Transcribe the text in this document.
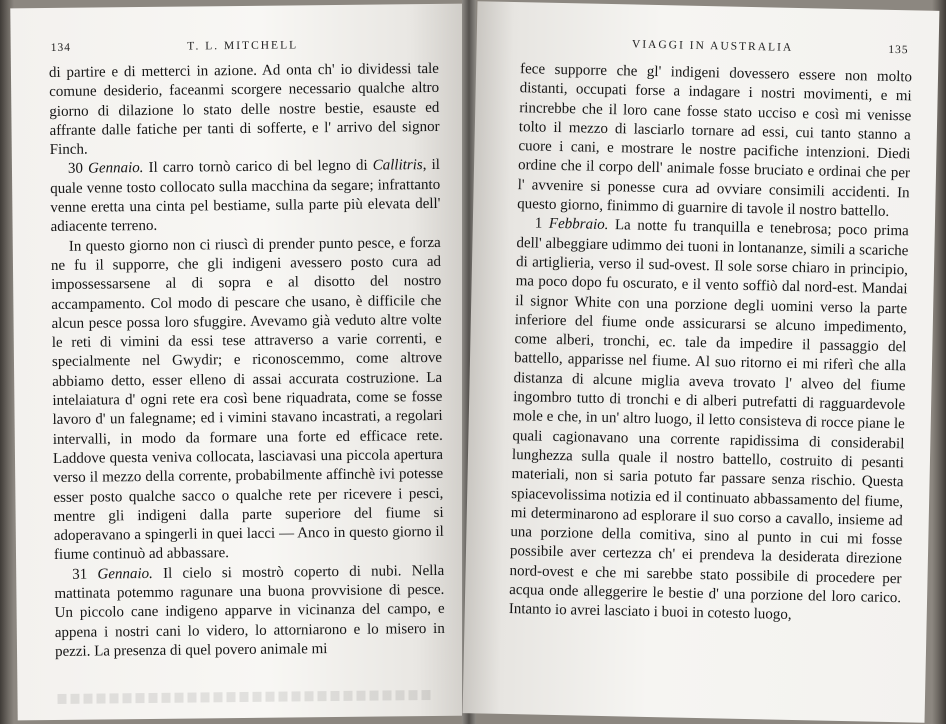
134	T. L. MITCHELL

di partire e di metterci in azione. Ad onta ch' io dividessi tale comune desiderio, faceanmi scorgere necessario qualche altro giorno di dilazione lo stato delle nostre bestie, esauste ed affrante dalle fatiche per tanti di sofferte, e l' arrivo del signor Finch.

30 Gennaio. Il carro tornò carico di bel legno di Callitris, il quale venne tosto collocato sulla macchina da segare; infrattanto venne eretta una cinta pel bestiame, sulla parte più elevata dell' adiacente terreno.

In questo giorno non ci riuscì di prender punto pesce, e forza ne fu il supporre, che gli indigeni avessero posto cura ad impossessarsene al di sopra e al disotto del nostro accampamento. Col modo di pescare che usano, è difficile che alcun pesce possa loro sfuggire. Avevamo già veduto altre volte le reti di vimini da essi tese attraverso a varie correnti, e specialmente nel Gwydir; e riconoscemmo, come altrove abbiamo detto, esser elleno di assai accurata costruzione. La intelaiatura d' ogni rete era così bene riquadrata, come se fosse lavoro d' un falegname; ed i vimini stavano incastrati, a regolari intervalli, in modo da formare una forte ed efficace rete. Laddove questa veniva collocata, lasciavasi una piccola apertura verso il mezzo della corrente, probabilmente affinchè ivi potesse esser posto qualche sacco o qualche rete per ricevere i pesci, mentre gli indigeni dalla parte superiore del fiume si adoperavano a spingerli in quei lacci — Anco in questo giorno il fiume continuò ad abbassare.

31 Gennaio. Il cielo si mostrò coperto di nubi. Nella mattinata potemmo ragunare una buona provvisione di pesce. Un piccolo cane indigeno apparve in vicinanza del campo, e appena i nostri cani lo videro, lo attorniarono e lo misero in pezzi. La presenza di quel povero animale mi

VIAGGI IN AUSTRALIA	135

fece supporre che gl' indigeni dovessero essere non molto distanti, occupati forse a indagare i nostri movimenti, e mi rincrebbe che il loro cane fosse stato ucciso e così mi venisse tolto il mezzo di lasciarlo tornare ad essi, cui tanto stanno a cuore i cani, e mostrare le nostre pacifiche intenzioni. Diedi ordine che il corpo dell' animale fosse bruciato e ordinai che per l' avvenire si ponesse cura ad ovviare consimili accidenti. In questo giorno, finimmo di guarnire di tavole il nostro battello.

1 Febbraio. La notte fu tranquilla e tenebrosa; poco prima dell' albeggiare udimmo dei tuoni in lontananze, simili a scariche di artiglieria, verso il sud-ovest. Il sole sorse chiaro in principio, ma poco dopo fu oscurato, e il vento soffiò dal nord-est. Mandai il signor White con una porzione degli uomini verso la parte inferiore del fiume onde assicurarsi se alcuno impedimento, come alberi, tronchi, ec. tale da impedire il passaggio del battello, apparisse nel fiume. Al suo ritorno ei mi riferì che alla distanza di alcune miglia aveva trovato l' alveo del fiume ingombro tutto di tronchi e di alberi putrefatti di ragguardevole mole e che, in un' altro luogo, il letto consisteva di rocce piane le quali cagionavano una corrente rapidissima di considerabil lunghezza sulla quale il nostro battello, costruito di pesanti materiali, non si saria potuto far passare senza rischio. Questa spiacevolissima notizia ed il continuato abbassamento del fiume, mi determinarono ad esplorare il suo corso a cavallo, insieme ad una porzione della comitiva, sino al punto in cui mi fosse possibile aver certezza ch' ei prendeva la desiderata direzione nord-ovest e che mi sarebbe stato possibile di procedere per acqua onde alleggerire le bestie d' una porzione del loro carico. Intanto io avrei lasciato i buoi in cotesto luogo,
